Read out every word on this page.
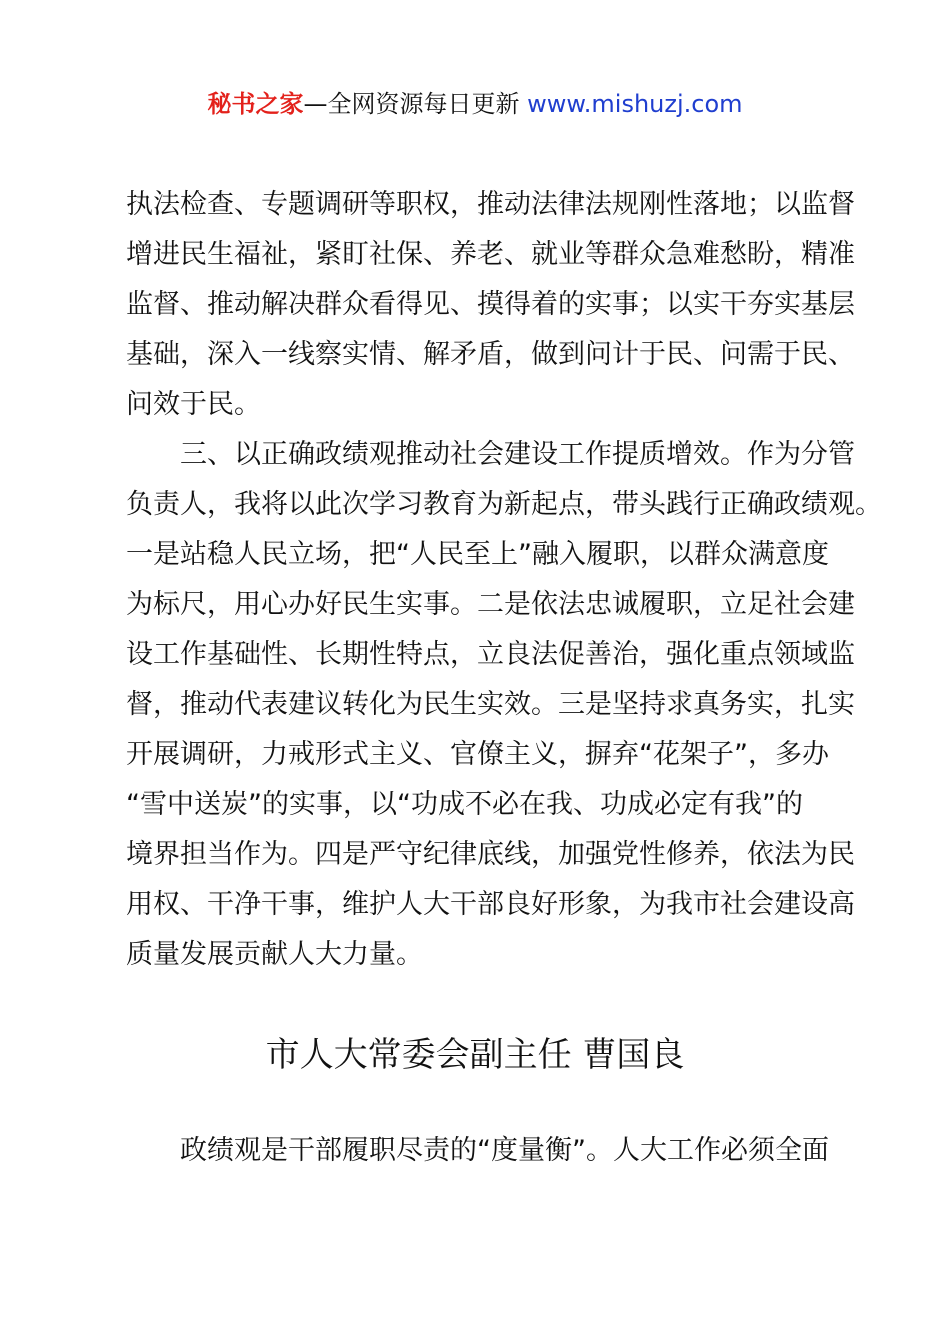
秘书之家—全网资源每日更新 www.mishuzj.com
执法检查、专题调研等职权，推动法律法规刚性落地；以监督
增进民生福祉，紧盯社保、养老、就业等群众急难愁盼，精准
监督、推动解决群众看得见、摸得着的实事；以实干夯实基层
基础，深入一线察实情、解矛盾，做到问计于民、问需于民、
问效于民。
三、以正确政绩观推动社会建设工作提质增效。作为分管
负责人，我将以此次学习教育为新起点，带头践行正确政绩观。
一是站稳人民立场，把“人民至上”融入履职，以群众满意度
为标尺，用心办好民生实事。二是依法忠诚履职，立足社会建
设工作基础性、长期性特点，立良法促善治，强化重点领域监
督，推动代表建议转化为民生实效。三是坚持求真务实，扎实
开展调研，力戒形式主义、官僚主义，摒弃“花架子”，多办
“雪中送炭”的实事，以“功成不必在我、功成必定有我”的
境界担当作为。四是严守纪律底线，加强党性修养，依法为民
用权、干净干事，维护人大干部良好形象，为我市社会建设高
质量发展贡献人大力量。
市人大常委会副主任 曹国良
政绩观是干部履职尽责的“度量衡”。人大工作必须全面
